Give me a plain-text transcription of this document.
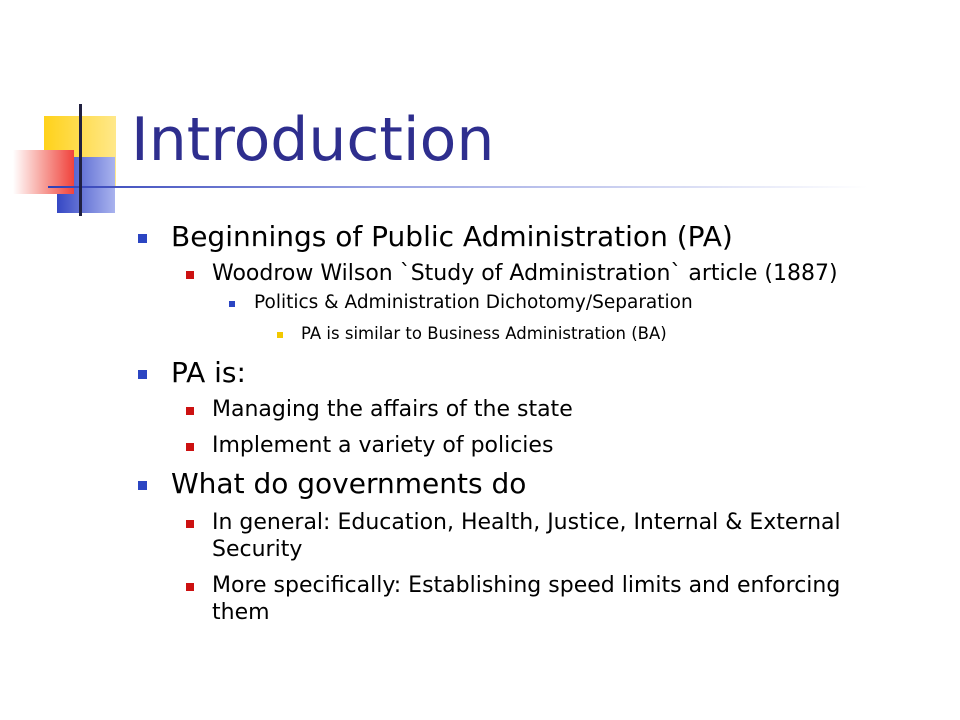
Introduction
Beginnings of Public Administration (PA)
Woodrow Wilson `Study of Administration` article (1887)
Politics & Administration Dichotomy/Separation
PA is similar to Business Administration (BA)
PA is:
Managing the affairs of the state
Implement a variety of policies
What do governments do
In general: Education, Health, Justice, Internal & External
Security
More specifically: Establishing speed limits and enforcing
them
